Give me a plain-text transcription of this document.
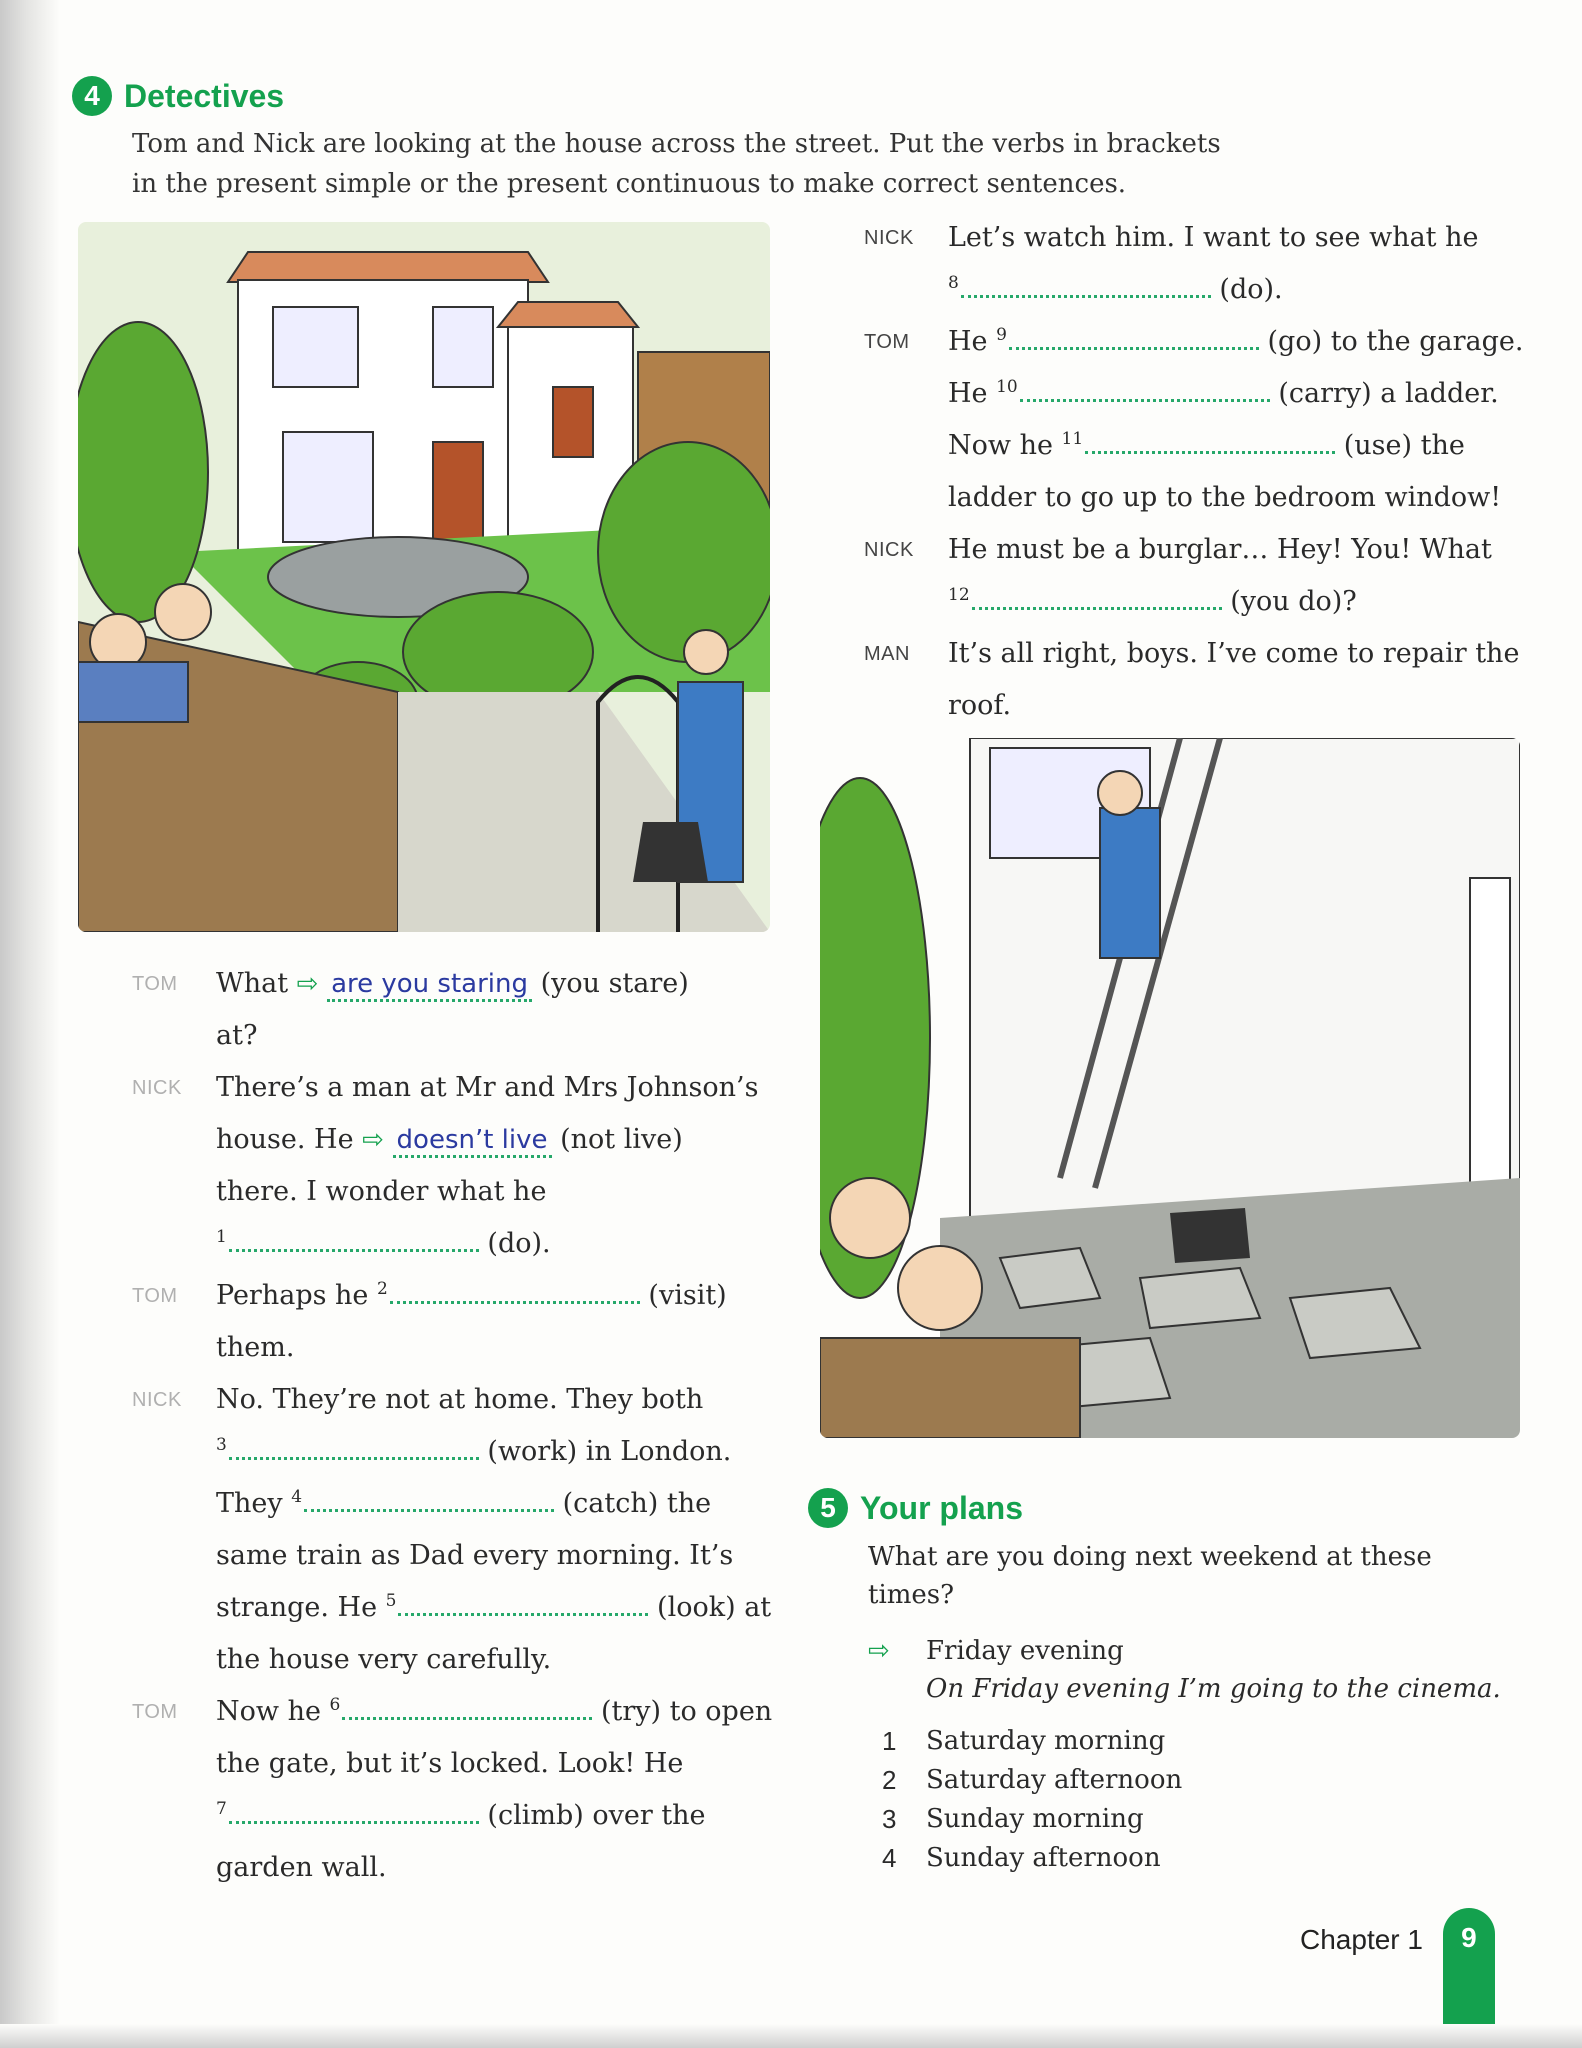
4 Detectives

Tom and Nick are looking at the house across the street. Put the verbs in brackets

in the present simple or the present continuous to make correct sentences.

TOM	What ⇨ are you staring (you stare)
at?
NICK	There’s a man at Mr and Mrs Johnson’s
house. He ⇨ doesn’t live (not live)
there. I wonder what he
$^1$	(do).
TOM	Perhaps he $^2$	(visit)
them.
NICK	No. They’re not at home. They both
$^3$	(work) in London.
They $^4$	(catch) the
same train as Dad every morning. It’s
strange. He $^5$	(look) at
the house very carefully.
TOM	Now he $^6$	(try) to open
the gate, but it’s locked. Look! He
$^7$	(climb) over the
garden wall.
NICK	Let’s watch him. I want to see what he
$^8$	(do).
TOM	He $^9$	(go) to the garage.
He $^{10}$	(carry) a ladder.
Now he $^{11}$	(use) the
ladder to go up to the bedroom window!
NICK	He must be a burglar… Hey! You! What
$^{12}$	(you do)?
MAN	It’s all right, boys. I’ve come to repair the
roof.
5 Your plans
What are you doing next weekend at these times?
⇨	Friday evening
On Friday evening I’m going to the cinema.
1	Saturday morning
2	Saturday afternoon
3	Sunday morning
4	Sunday afternoon
Chapter 1	9
